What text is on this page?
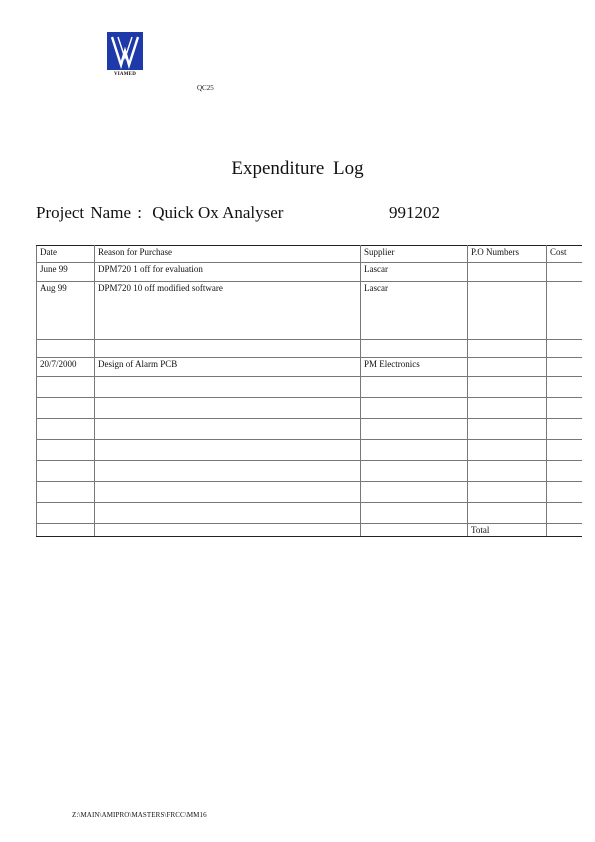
VIAMED
QC25
Expenditure Log
Project Name : Quick Ox Analyser	991202
Date	Reason for Purchase	Supplier	P.O Numbers	Cost
June 99	DPM720 1 off for evaluation	Lascar		
Aug 99	DPM720 10 off modified software	Lascar		

20/7/2000	Design of Alarm PCB	PM Electronics		

			Total	
Z:\MAIN\AMIPRO\MASTERS\FRCC\MM16
